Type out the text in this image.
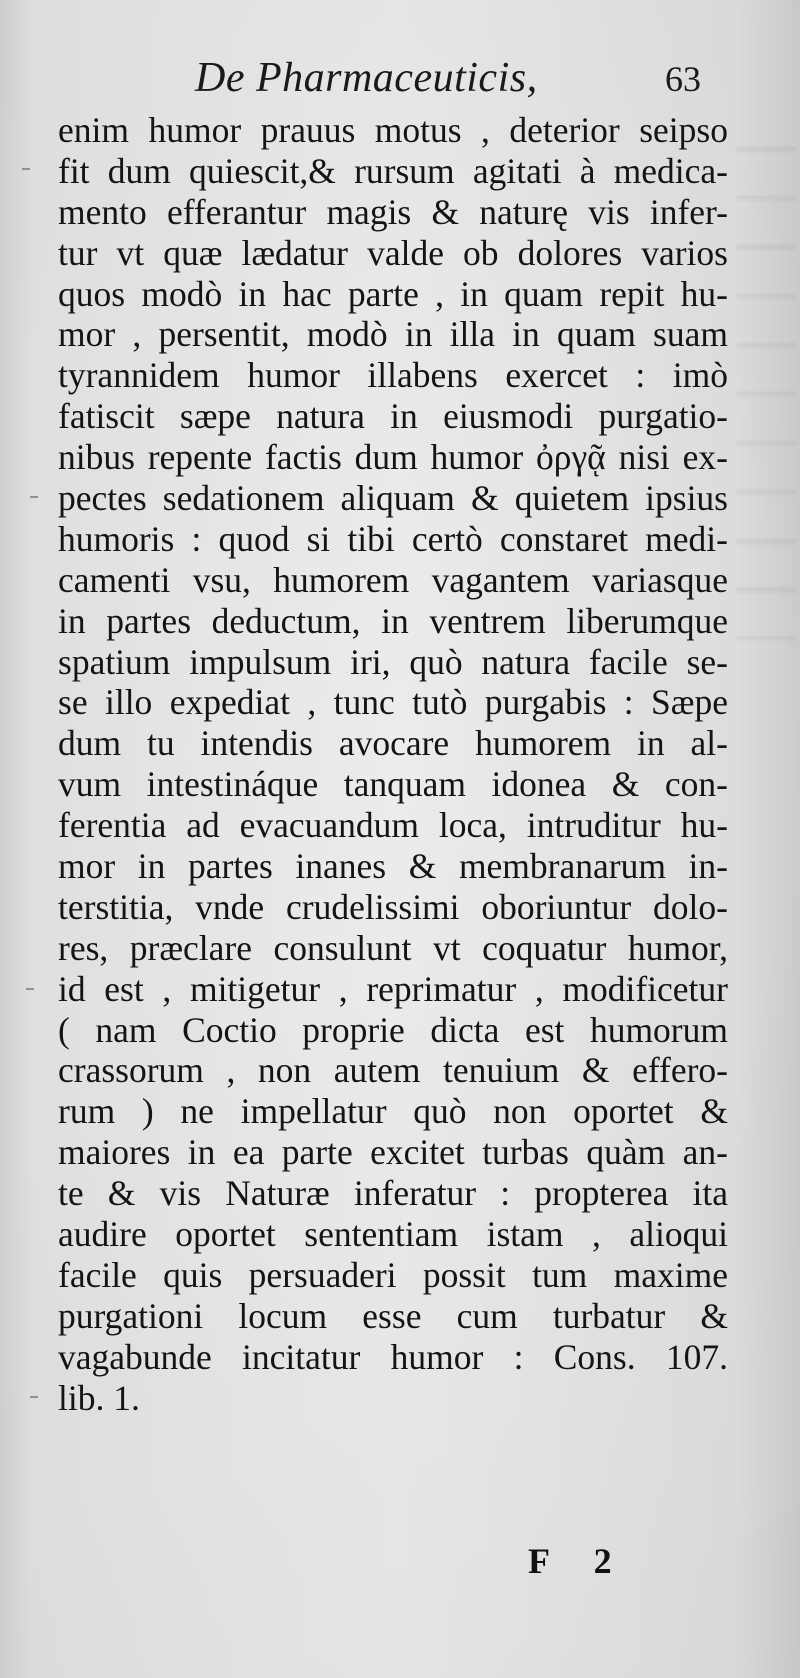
De Pharmaceuticis,	63
enim humor prauus motus , deterior seipso
fit dum quiescit,& rursum agitati à medica-
mento efferantur magis & naturę vis infer-
tur vt quæ lædatur valde ob dolores varios
quos modò in hac parte , in quam repit hu-
mor , persentit, modò in illa in quam suam
tyrannidem humor illabens exercet : imò
fatiscit sæpe natura in eiusmodi purgatio-
nibus repente factis dum humor ὀργᾷ nisi ex-
pectes sedationem aliquam & quietem ipsius
humoris : quod si tibi certò constaret medi-
camenti vsu, humorem vagantem variasque
in partes deductum, in ventrem liberumque
spatium impulsum iri, quò natura facile se-
se illo expediat , tunc tutò purgabis : Sæpe
dum tu intendis avocare humorem in al-
vum intestináque tanquam idonea & con-
ferentia ad evacuandum loca, intruditur hu-
mor in partes inanes & membranarum in-
terstitia, vnde crudelissimi oboriuntur dolo-
res, præclare consulunt vt coquatur humor,
id est , mitigetur , reprimatur , modificetur
( nam Coctio proprie dicta est humorum
crassorum , non autem tenuium & effero-
rum ) ne impellatur quò non oportet &
maiores in ea parte excitet turbas quàm an-
te & vis Naturæ inferatur : propterea ita
audire oportet sententiam istam , alioqui
facile quis persuaderi possit tum maxime
purgationi locum esse cum turbatur &
vagabunde incitatur humor : Cons. 107.
lib. 1.
F 2
